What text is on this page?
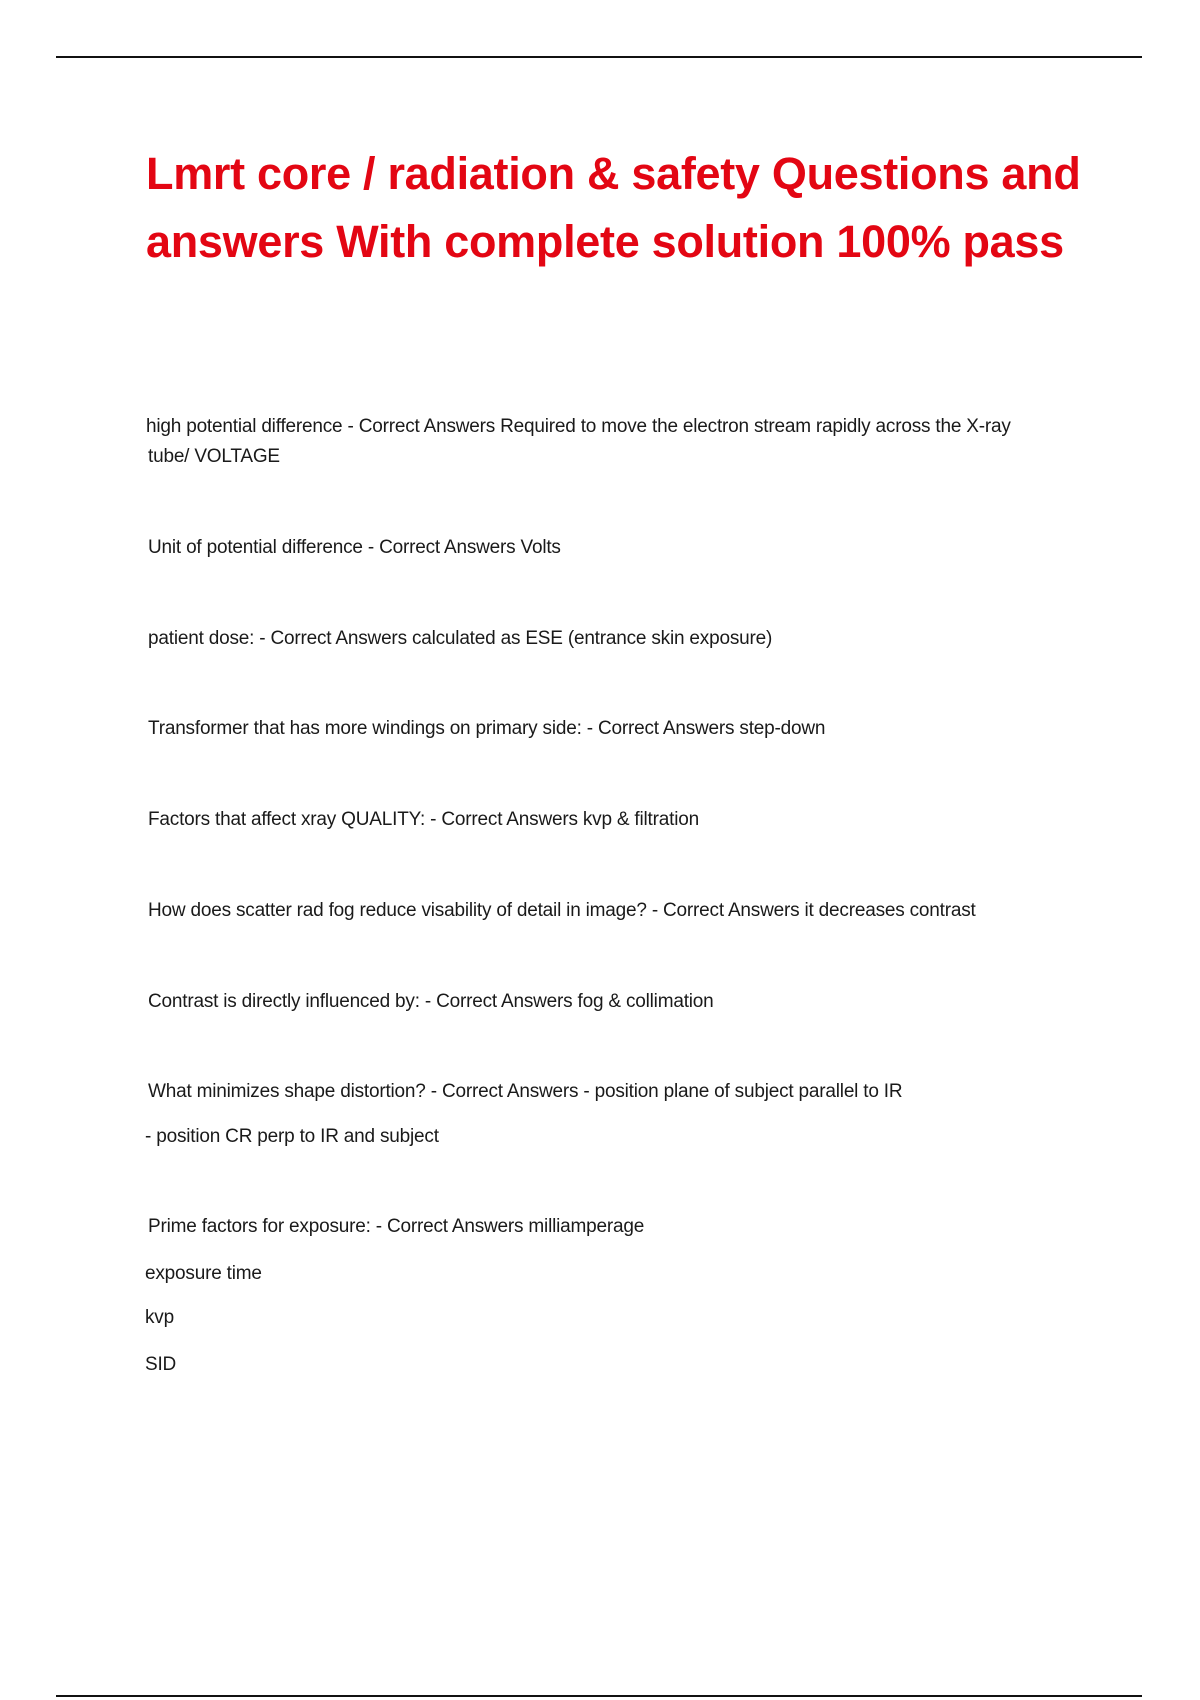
Lmrt core / radiation & safety Questions and answers With complete solution 100% pass
high potential difference - Correct Answers Required to move the electron stream rapidly across the X-ray
tube/ VOLTAGE
Unit of potential difference - Correct Answers Volts
patient dose: - Correct Answers calculated as ESE (entrance skin exposure)
Transformer that has more windings on primary side: - Correct Answers step-down
Factors that affect xray QUALITY: - Correct Answers kvp & filtration
How does scatter rad fog reduce visability of detail in image? - Correct Answers it decreases contrast
Contrast is directly influenced by: - Correct Answers fog & collimation
What minimizes shape distortion? - Correct Answers - position plane of subject parallel to IR
- position CR perp to IR and subject
Prime factors for exposure: - Correct Answers milliamperage
exposure time
kvp
SID
